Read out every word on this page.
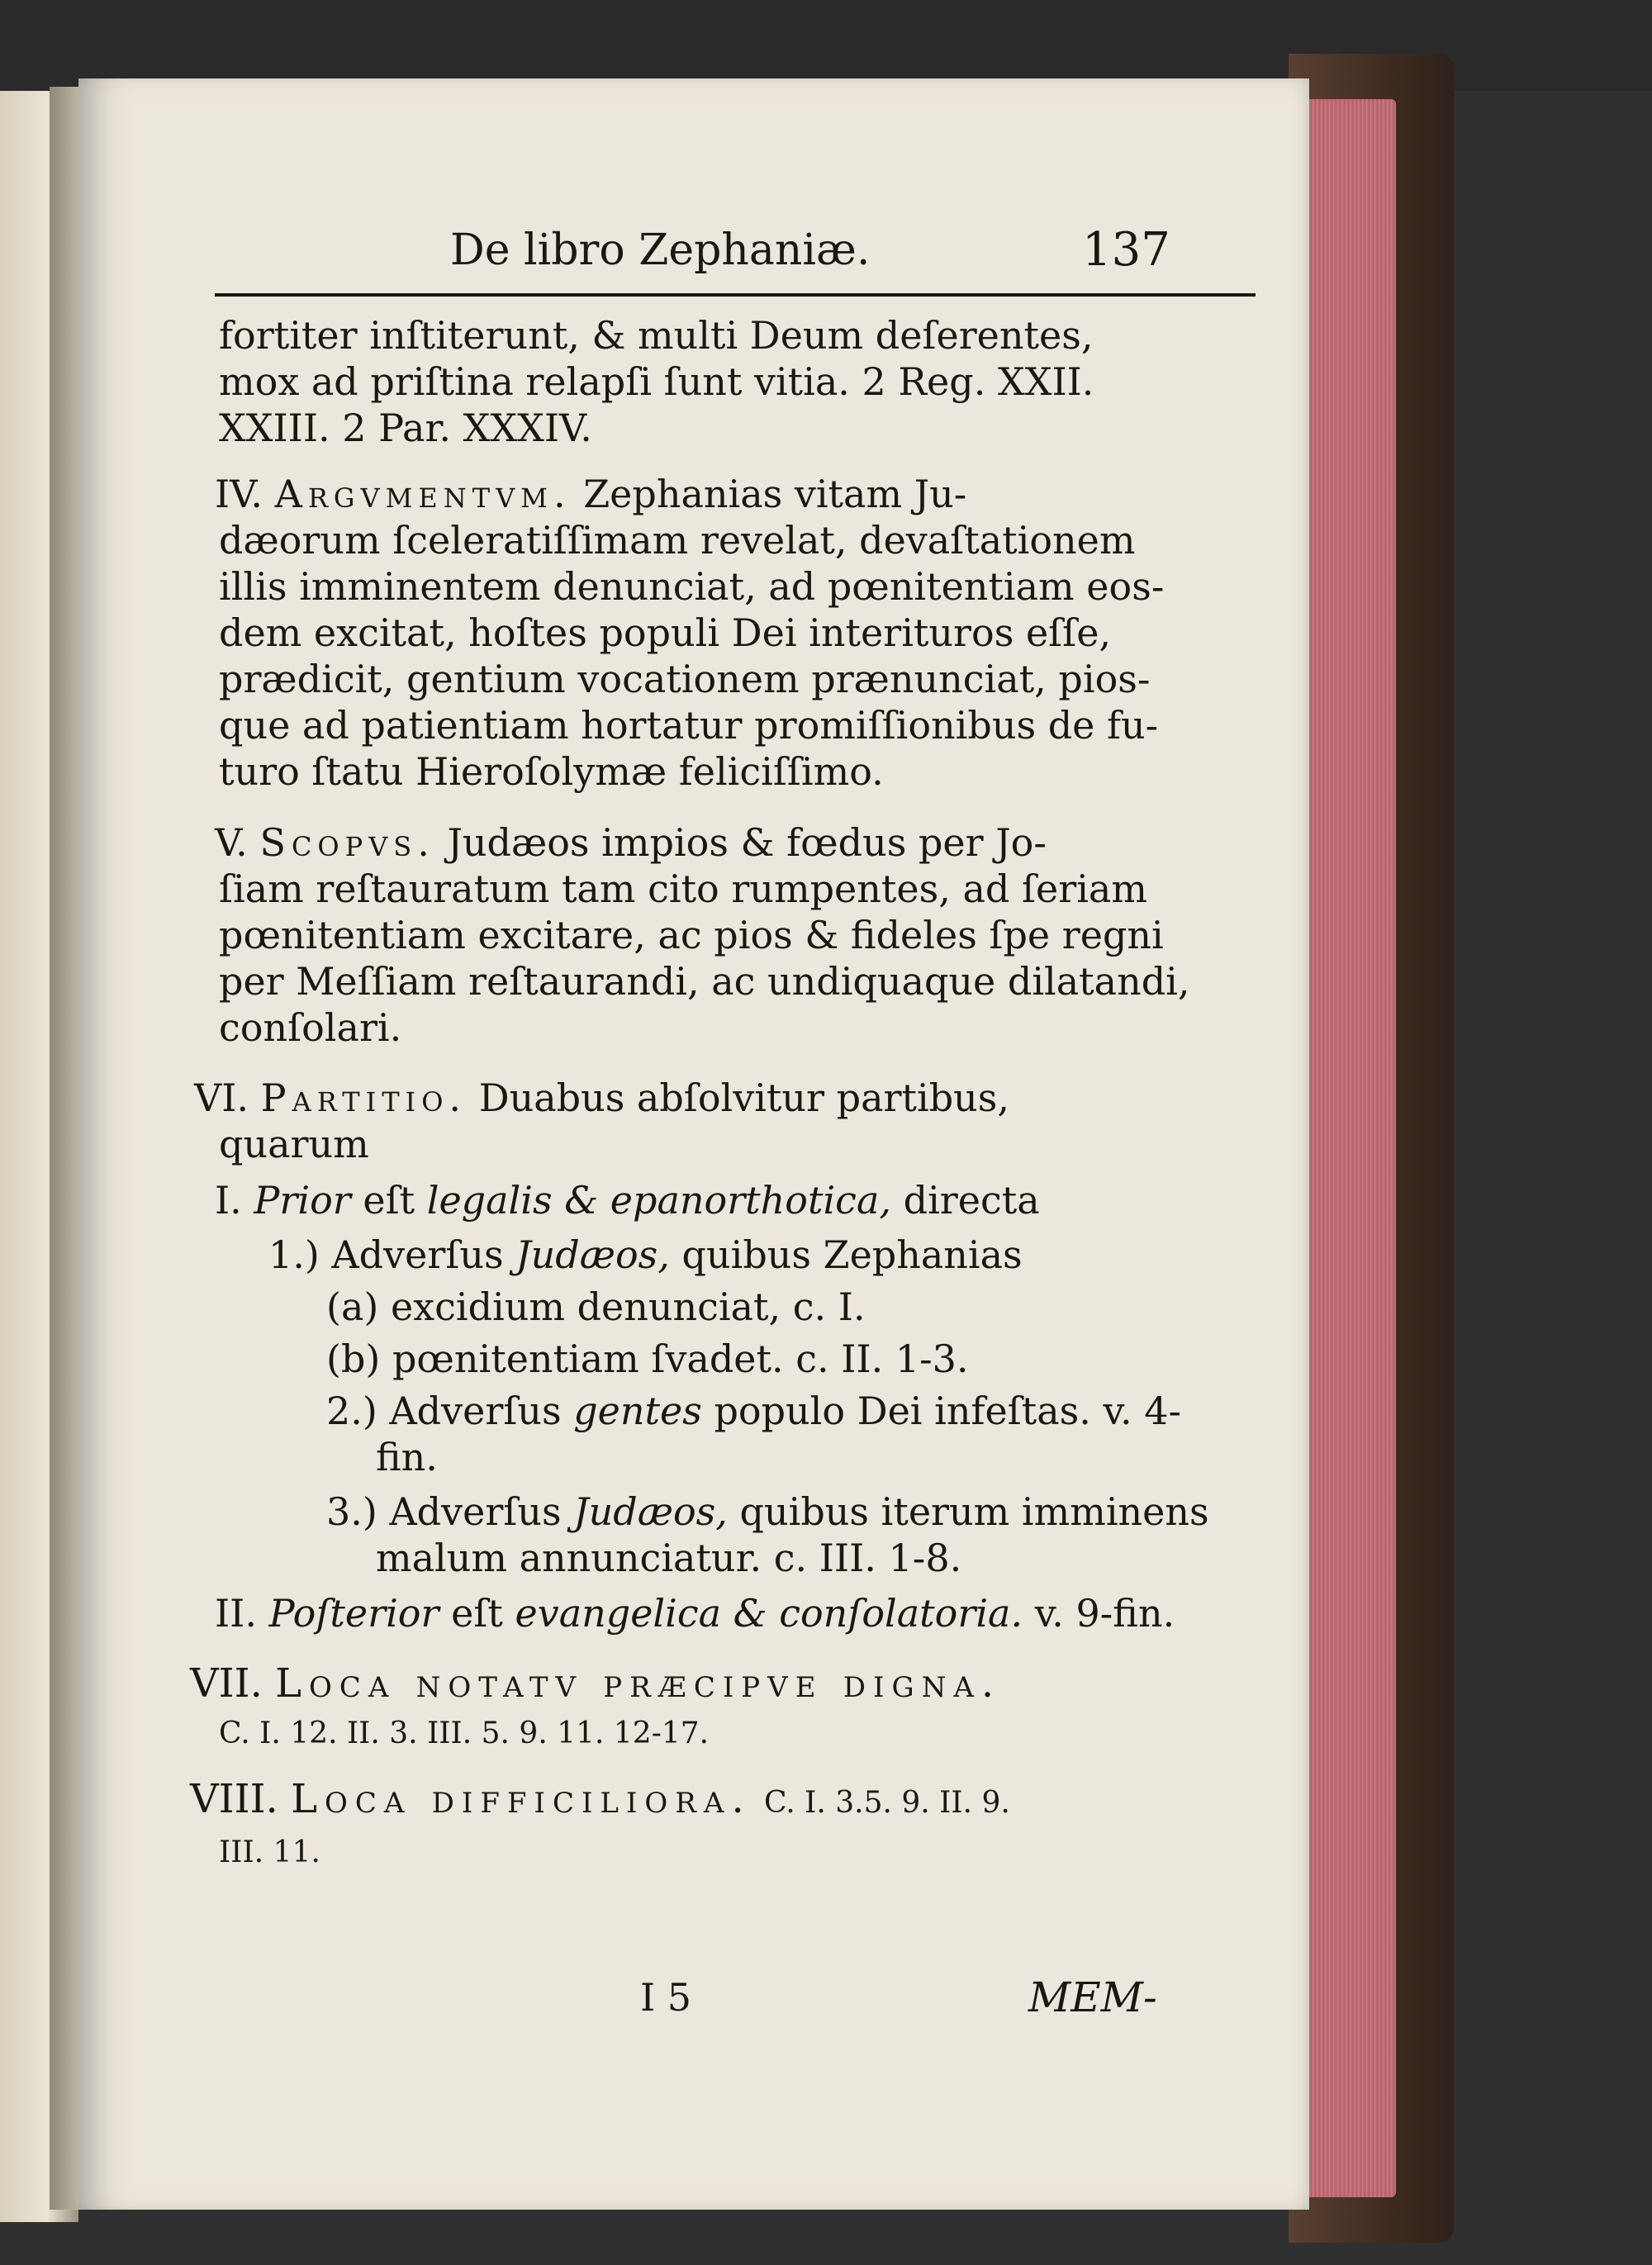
De libro Zephaniæ.	137
fortiter inſtiterunt, & multi Deum deſerentes,
mox ad priſtina relapſi ſunt vitia. 2 Reg. XXII.
XXIII. 2 Par. XXXIV.
IV. Argvmentvm. Zephanias vitam Ju-
dæorum ſceleratiſſimam revelat, devaſtationem
illis imminentem denunciat, ad pœnitentiam eos-
dem excitat, hoſtes populi Dei interituros eſſe,
prædicit, gentium vocationem prænunciat, pios-
que ad patientiam hortatur promiſſionibus de fu-
turo ſtatu Hieroſolymæ feliciſſimo.
V. Scopvs. Judæos impios & fœdus per Jo-
ſiam reſtauratum tam cito rumpentes, ad ſeriam
pœnitentiam excitare, ac pios & fideles ſpe regni
per Meſſiam reſtaurandi, ac undiquaque dilatandi,
conſolari.
VI. Partitio. Duabus abſolvitur partibus,
quarum
I. Prior eſt legalis & epanorthotica, directa
1.) Adverſus Judæos, quibus Zephanias
(a) excidium denunciat, c. I.
(b) pœnitentiam ſvadet. c. II. 1-3.
2.) Adverſus gentes populo Dei infeſtas. v. 4-
fin.
3.) Adverſus Judæos, quibus iterum imminens
malum annunciatur. c. III. 1-8.
II. Poſterior eſt evangelica & conſolatoria. v. 9-fin.
VII. Loca notatv præcipve digna.
C. I. 12. II. 3. III. 5. 9. 11. 12-17.
VIII. Loca difficiliora. C. I. 3.5. 9. II. 9.
III. 11.
I 5	MEM-
